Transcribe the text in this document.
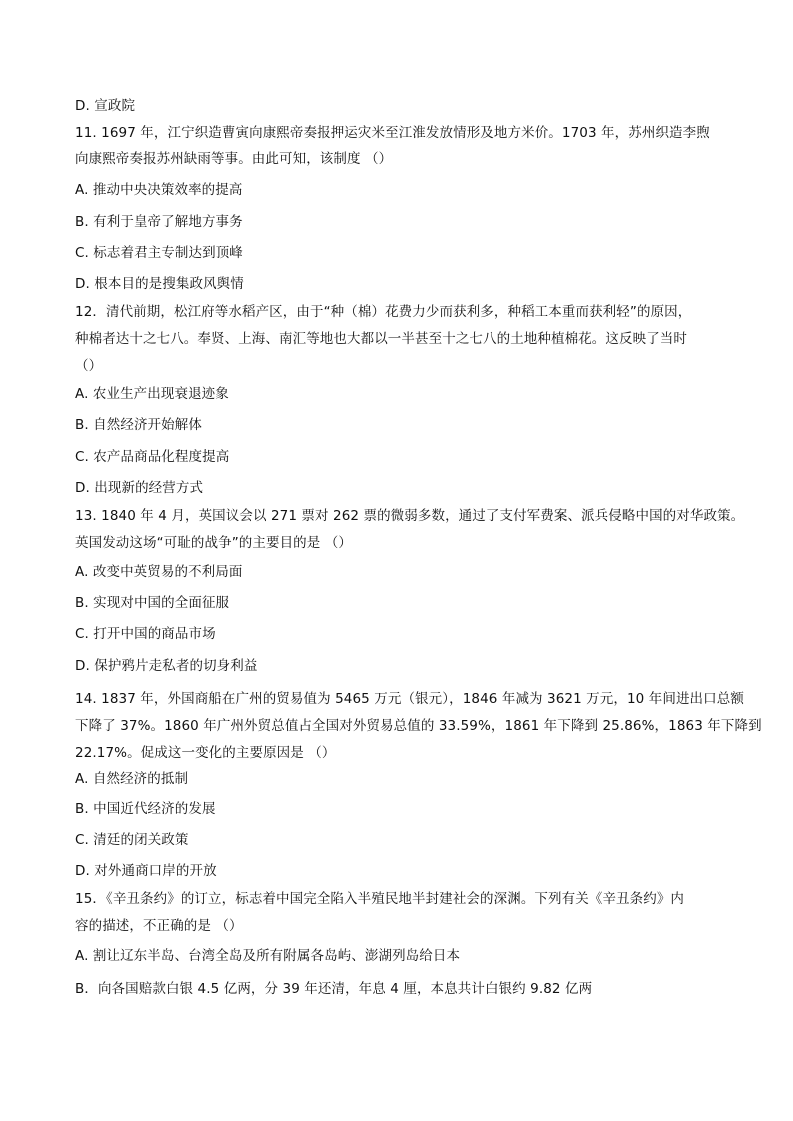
D. 宣政院
11. 1697 年，江宁织造曹寅向康熙帝奏报押运灾米至江淮发放情形及地方米价。1703 年，苏州织造李煦
向康熙帝奏报苏州缺雨等事。由此可知，该制度 （）
A. 推动中央决策效率的提高
B. 有利于皇帝了解地方事务
C. 标志着君主专制达到顶峰
D. 根本目的是搜集政风舆情
12．清代前期，松江府等水稻产区，由于“种（棉）花费力少而获利多，种稻工本重而获利轻”的原因，
种棉者达十之七八。奉贤、上海、南汇等地也大都以一半甚至十之七八的土地种植棉花。这反映了当时
（）
A. 农业生产出现衰退迹象
B. 自然经济开始解体
C. 农产品商品化程度提高
D. 出现新的经营方式
13. 1840 年 4 月，英国议会以 271 票对 262 票的微弱多数，通过了支付军费案、派兵侵略中国的对华政策。
英国发动这场“可耻的战争”的主要目的是 （）
A. 改变中英贸易的不利局面
B. 实现对中国的全面征服
C. 打开中国的商品市场
D. 保护鸦片走私者的切身利益
14. 1837 年，外国商船在广州的贸易值为 5465 万元（银元），1846 年减为 3621 万元，10 年间进出口总额
下降了 37%。1860 年广州外贸总值占全国对外贸易总值的 33.59%，1861 年下降到 25.86%，1863 年下降到
22.17%。促成这一变化的主要原因是 （）
A. 自然经济的抵制
B. 中国近代经济的发展
C. 清廷的闭关政策
D. 对外通商口岸的开放
15．《辛丑条约》的订立，标志着中国完全陷入半殖民地半封建社会的深渊。下列有关《辛丑条约》内
容的描述，不正确的是 （）
A. 割让辽东半岛、台湾全岛及所有附属各岛屿、澎湖列岛给日本
B．向各国赔款白银 4.5 亿两，分 39 年还清，年息 4 厘，本息共计白银约 9.82 亿两
